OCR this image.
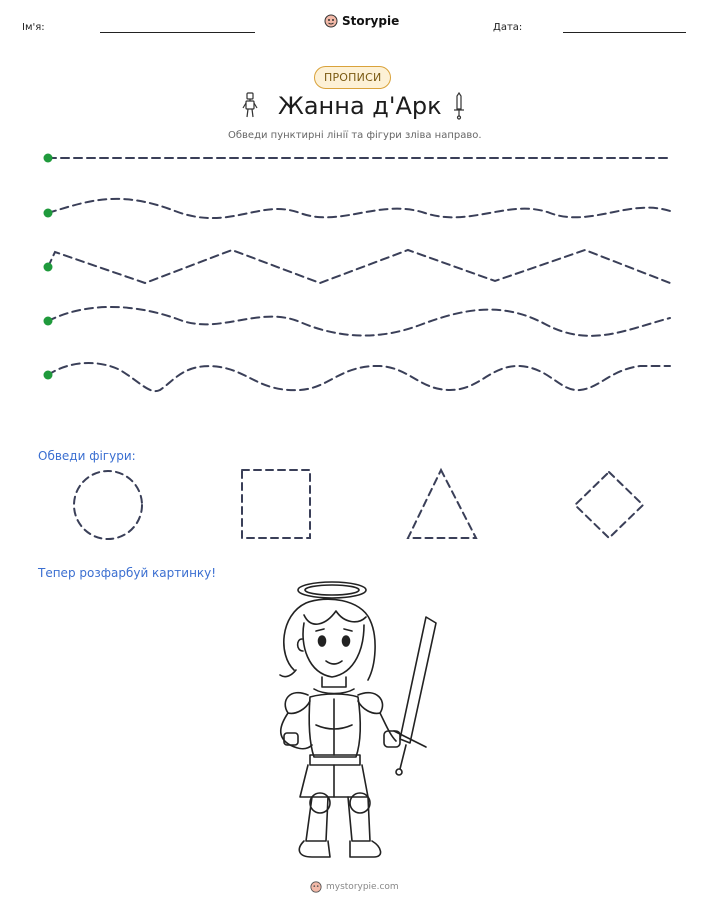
Ім'я:	Storypie	Дата:
ПРОПИСИ
Жанна д'Арк
Обведи пунктирні лінії та фігури зліва направо.
Обведи фігури:
Тепер розфарбуй картинку!
mystorypie.com
